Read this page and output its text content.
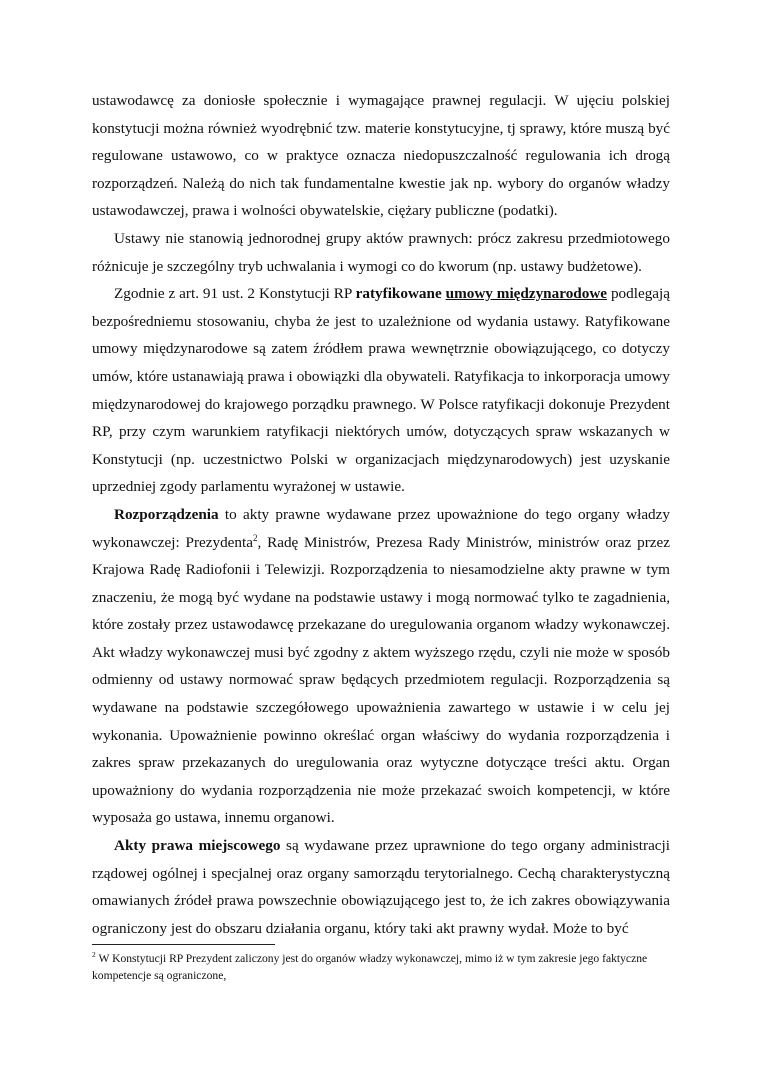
ustawodawcę za doniosłe społecznie i wymagające prawnej regulacji. W ujęciu polskiej konstytucji można również wyodrębnić tzw. materie konstytucyjne, tj sprawy, które muszą być regulowane ustawowo, co w praktyce oznacza niedopuszczalność regulowania ich drogą rozporządzeń. Należą do nich tak fundamentalne kwestie jak np. wybory do organów władzy ustawodawczej, prawa i wolności obywatelskie, ciężary publiczne (podatki).

Ustawy nie stanowią jednorodnej grupy aktów prawnych: prócz zakresu przedmiotowego różnicuje je szczególny tryb uchwalania i wymogi co do kworum (np. ustawy budżetowe).

Zgodnie z art. 91 ust. 2 Konstytucji RP ratyfikowane umowy międzynarodowe podlegają bezpośredniemu stosowaniu, chyba że jest to uzależnione od wydania ustawy. Ratyfikowane umowy międzynarodowe są zatem źródłem prawa wewnętrznie obowiązującego, co dotyczy umów, które ustanawiają prawa i obowiązki dla obywateli. Ratyfikacja to inkorporacja umowy międzynarodowej do krajowego porządku prawnego. W Polsce ratyfikacji dokonuje Prezydent RP, przy czym warunkiem ratyfikacji niektórych umów, dotyczących spraw wskazanych w Konstytucji (np. uczestnictwo Polski w organizacjach międzynarodowych) jest uzyskanie uprzedniej zgody parlamentu wyrażonej w ustawie.

Rozporządzenia to akty prawne wydawane przez upoważnione do tego organy władzy wykonawczej: Prezydenta$^2$, Radę Ministrów, Prezesa Rady Ministrów, ministrów oraz przez Krajowa Radę Radiofonii i Telewizji. Rozporządzenia to niesamodzielne akty prawne w tym znaczeniu, że mogą być wydane na podstawie ustawy i mogą normować tylko te zagadnienia, które zostały przez ustawodawcę przekazane do uregulowania organom władzy wykonawczej. Akt władzy wykonawczej musi być zgodny z aktem wyższego rzędu, czyli nie może w sposób odmienny od ustawy normować spraw będących przedmiotem regulacji. Rozporządzenia są wydawane na podstawie szczegółowego upoważnienia zawartego w ustawie i w celu jej wykonania. Upoważnienie powinno określać organ właściwy do wydania rozporządzenia i zakres spraw przekazanych do uregulowania oraz wytyczne dotyczące treści aktu. Organ upoważniony do wydania rozporządzenia nie może przekazać swoich kompetencji, w które wyposaża go ustawa, innemu organowi.

Akty prawa miejscowego są wydawane przez uprawnione do tego organy administracji rządowej ogólnej i specjalnej oraz organy samorządu terytorialnego. Cechą charakterystyczną omawianych źródeł prawa powszechnie obowiązującego jest to, że ich zakres obowiązywania ograniczony jest do obszaru działania organu, który taki akt prawny wydał. Może to być

$^2$ W Konstytucji RP Prezydent zaliczony jest do organów władzy wykonawczej, mimo iż w tym zakresie jego faktyczne kompetencje są ograniczone,
